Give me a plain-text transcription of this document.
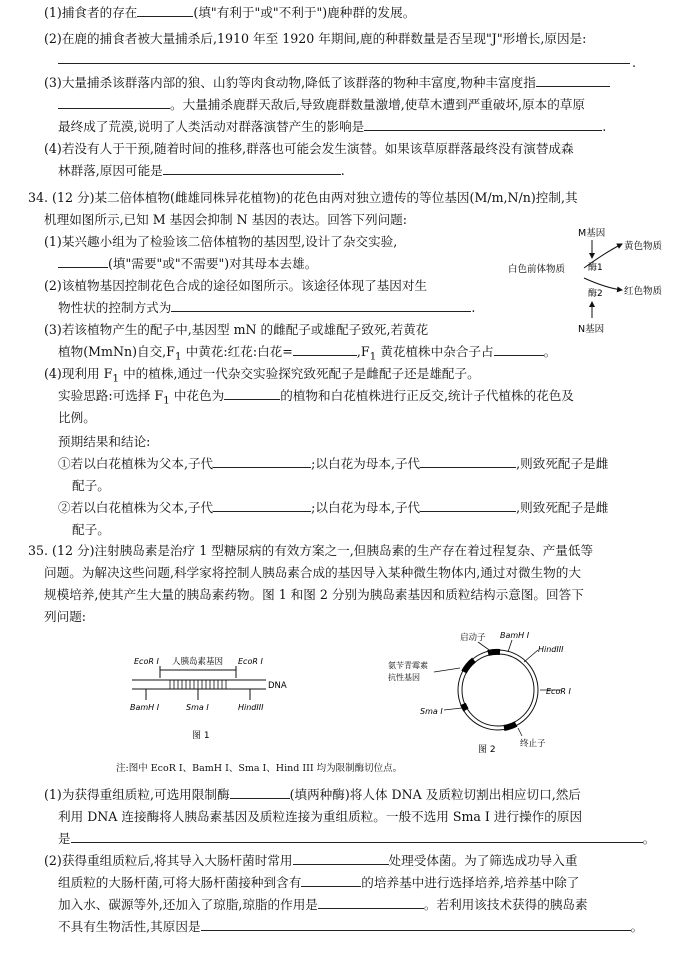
(1)捕食者的存在	(填"有利于"或"不利于")鹿种群的发展。
(2)在鹿的捕食者被大量捕杀后,1910 年至 1920 年期间,鹿的种群数量是否呈现"J"形增长,原因是:
.
(3)大量捕杀该群落内部的狼、山豹等肉食动物,降低了该群落的物种丰富度,物种丰富度指
。大量捕杀鹿群天敌后,导致鹿群数量激增,使草木遭到严重破坏,原本的草原
最终成了荒漠,说明了人类活动对群落演替产生的影响是	.
(4)若没有人于干预,随着时间的推移,群落也可能会发生演替。如果该草原群落最终没有演替成森
林群落,原因可能是	.
34. (12 分)某二倍体植物(雌雄同株异花植物)的花色由两对独立遗传的等位基因(M/m,N/n)控制,其
机理如图所示,已知 M 基因会抑制 N 基因的表达。回答下列问题:
(1)某兴趣小组为了检验该二倍体植物的基因型,设计了杂交实验,
(填"需要"或"不需要")对其母本去雄。
(2)该植物基因控制花色合成的途径如图所示。该途径体现了基因对生
物性状的控制方式为	.
(3)若该植物产生的配子中,基因型 mN 的雌配子或雄配子致死,若黄花
植物(MmNn)自交$,F_1$ 中黄花:红花:白花=	$,F_1$ 黄花植株中杂合子占	。
(4)现利用 $F_1$ 中的植株,通过一代杂交实验探究致死配子是雌配子还是雄配子。
实验思路:可选择 $F_1$ 中花色为	的植物和白花植株进行正反交,统计子代植株的花色及
比例。
预期结果和结论:
①若以白花植株为父本,子代	;以白花为母本,子代	,则致死配子是雌
配子。
②若以白花植株为父本,子代	;以白花为母本,子代	,则致死配子是雌
配子。
M基因
酶1
黄色物质
白色前体物质
红色物质
酶2
N基因
35. (12 分)注射胰岛素是治疗 1 型糖尿病的有效方案之一,但胰岛素的生产存在着过程复杂、产量低等
问题。为解决这些问题,科学家将控制人胰岛素合成的基因导入某种微生物体内,通过对微生物的大
规模培养,使其产生大量的胰岛素药物。图 1 和图 2 分别为胰岛素基因和质粒结构示意图。回答下
列问题:
EcoR I 人胰岛素基因 EcoR I
DNA
BamH I	Sma I	HindIII
图 1
启动子 BamH I
HindIII
氨苄青霉素
抗性基因
EcoR I
Sma I
终止子
图 2
注:图中 EcoR I、BamH I、Sma I、Hind III 均为限制酶切位点。
(1)为获得重组质粒,可选用限制酶	(填两种酶)将人体 DNA 及质粒切割出相应切口,然后
利用 DNA 连接酶将人胰岛素基因及质粒连接为重组质粒。一般不选用 Sma I 进行操作的原因
是	。
(2)获得重组质粒后,将其导入大肠杆菌时常用	处理受体菌。为了筛选成功导入重
组质粒的大肠杆菌,可将大肠杆菌接种到含有	的培养基中进行选择培养,培养基中除了
加入水、碳源等外,还加入了琼脂,琼脂的作用是	。若利用该技术获得的胰岛素
不具有生物活性,其原因是	。
